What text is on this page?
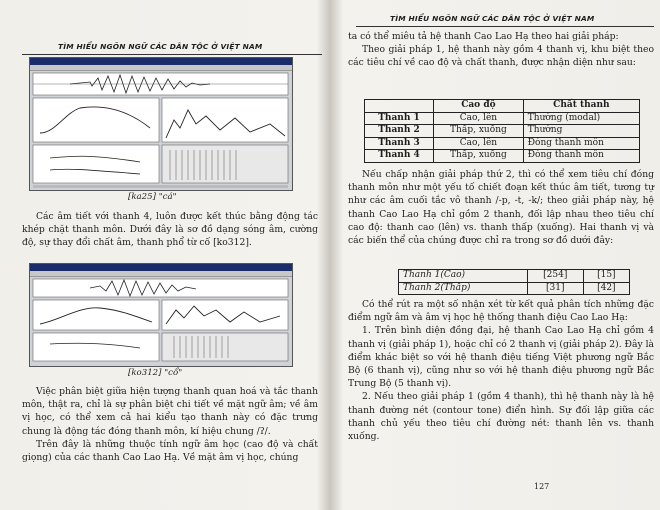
TÌM HIỂU NGÔN NGỮ CÁC DÂN TỘC Ở VIỆT NAM
[ka25] "cá"

Các âm tiết với thanh 4, luôn được kết thúc bằng động tác khép chặt thanh môn. Dưới đây là sơ đồ dạng sóng âm, cường độ, sự thay đổi chất âm, thanh phổ từ cố [ko312].

[ko312] "cổ"

Việc phân biệt giữa hiện tượng thanh quan hoá và tắc thanh môn, thật ra, chỉ là sự phân biệt chi tiết về mặt ngữ âm; về âm vị học, có thể xem cả hai kiểu tạo thanh này có đặc trưng chung là động tác đóng thanh môn, kí hiệu chung /ʔ/.

Trên đây là những thuộc tính ngữ âm học (cao độ và chất giọng) của các thanh Cao Lao Hạ. Về mặt âm vị học, chúng

TÌM HIỂU NGÔN NGỮ CÁC DÂN TỘC Ở VIỆT NAM

ta có thể miêu tả hệ thanh Cao Lao Hạ theo hai giải pháp:

Theo giải pháp 1, hệ thanh này gồm 4 thanh vị, khu biệt theo các tiêu chí về cao độ và chất thanh, được nhận diện như sau:

	Cao độ	Chất thanh
Thanh 1	Cao, lên	Thường (modal)
Thanh 2	Thấp, xuống	Thường
Thanh 3	Cao, lên	Đóng thanh môn
Thanh 4	Thấp, xuống	Đóng thanh môn

Nếu chấp nhận giải pháp thứ 2, thì có thể xem tiêu chí đóng thanh môn như một yếu tố chiết đoạn kết thúc âm tiết, tương tự như các âm cuối tắc vô thanh /-p, -t, -k/; theo giải pháp này, hệ thanh Cao Lao Hạ chỉ gồm 2 thanh, đối lập nhau theo tiêu chí cao độ: thanh cao (lên) vs. thanh thấp (xuống). Hai thanh vị và các biến thể của chúng được chỉ ra trong sơ đồ dưới đây:

Thanh 1(Cao)	[254]	[15]
Thanh 2(Thấp)	[31]	[42]

Có thể rút ra một số nhận xét từ kết quả phân tích những đặc điểm ngữ âm và âm vị học hệ thống thanh điệu Cao Lao Hạ:

1. Trên bình diện đồng đại, hệ thanh Cao Lao Hạ chỉ gồm 4 thanh vị (giải pháp 1), hoặc chỉ có 2 thanh vị (giải pháp 2). Đây là điểm khác biệt so với hệ thanh điệu tiếng Việt phương ngữ Bắc Bộ (6 thanh vị), cũng như so với hệ thanh điệu phương ngữ Bắc Trung Bộ (5 thanh vị).

2. Nếu theo giải pháp 1 (gồm 4 thanh), thì hệ thanh này là hệ thanh đường nét (contour tone) điển hình. Sự đối lập giữa các thanh chủ yếu theo tiêu chí đường nét: thanh lên vs. thanh xuống.

127
